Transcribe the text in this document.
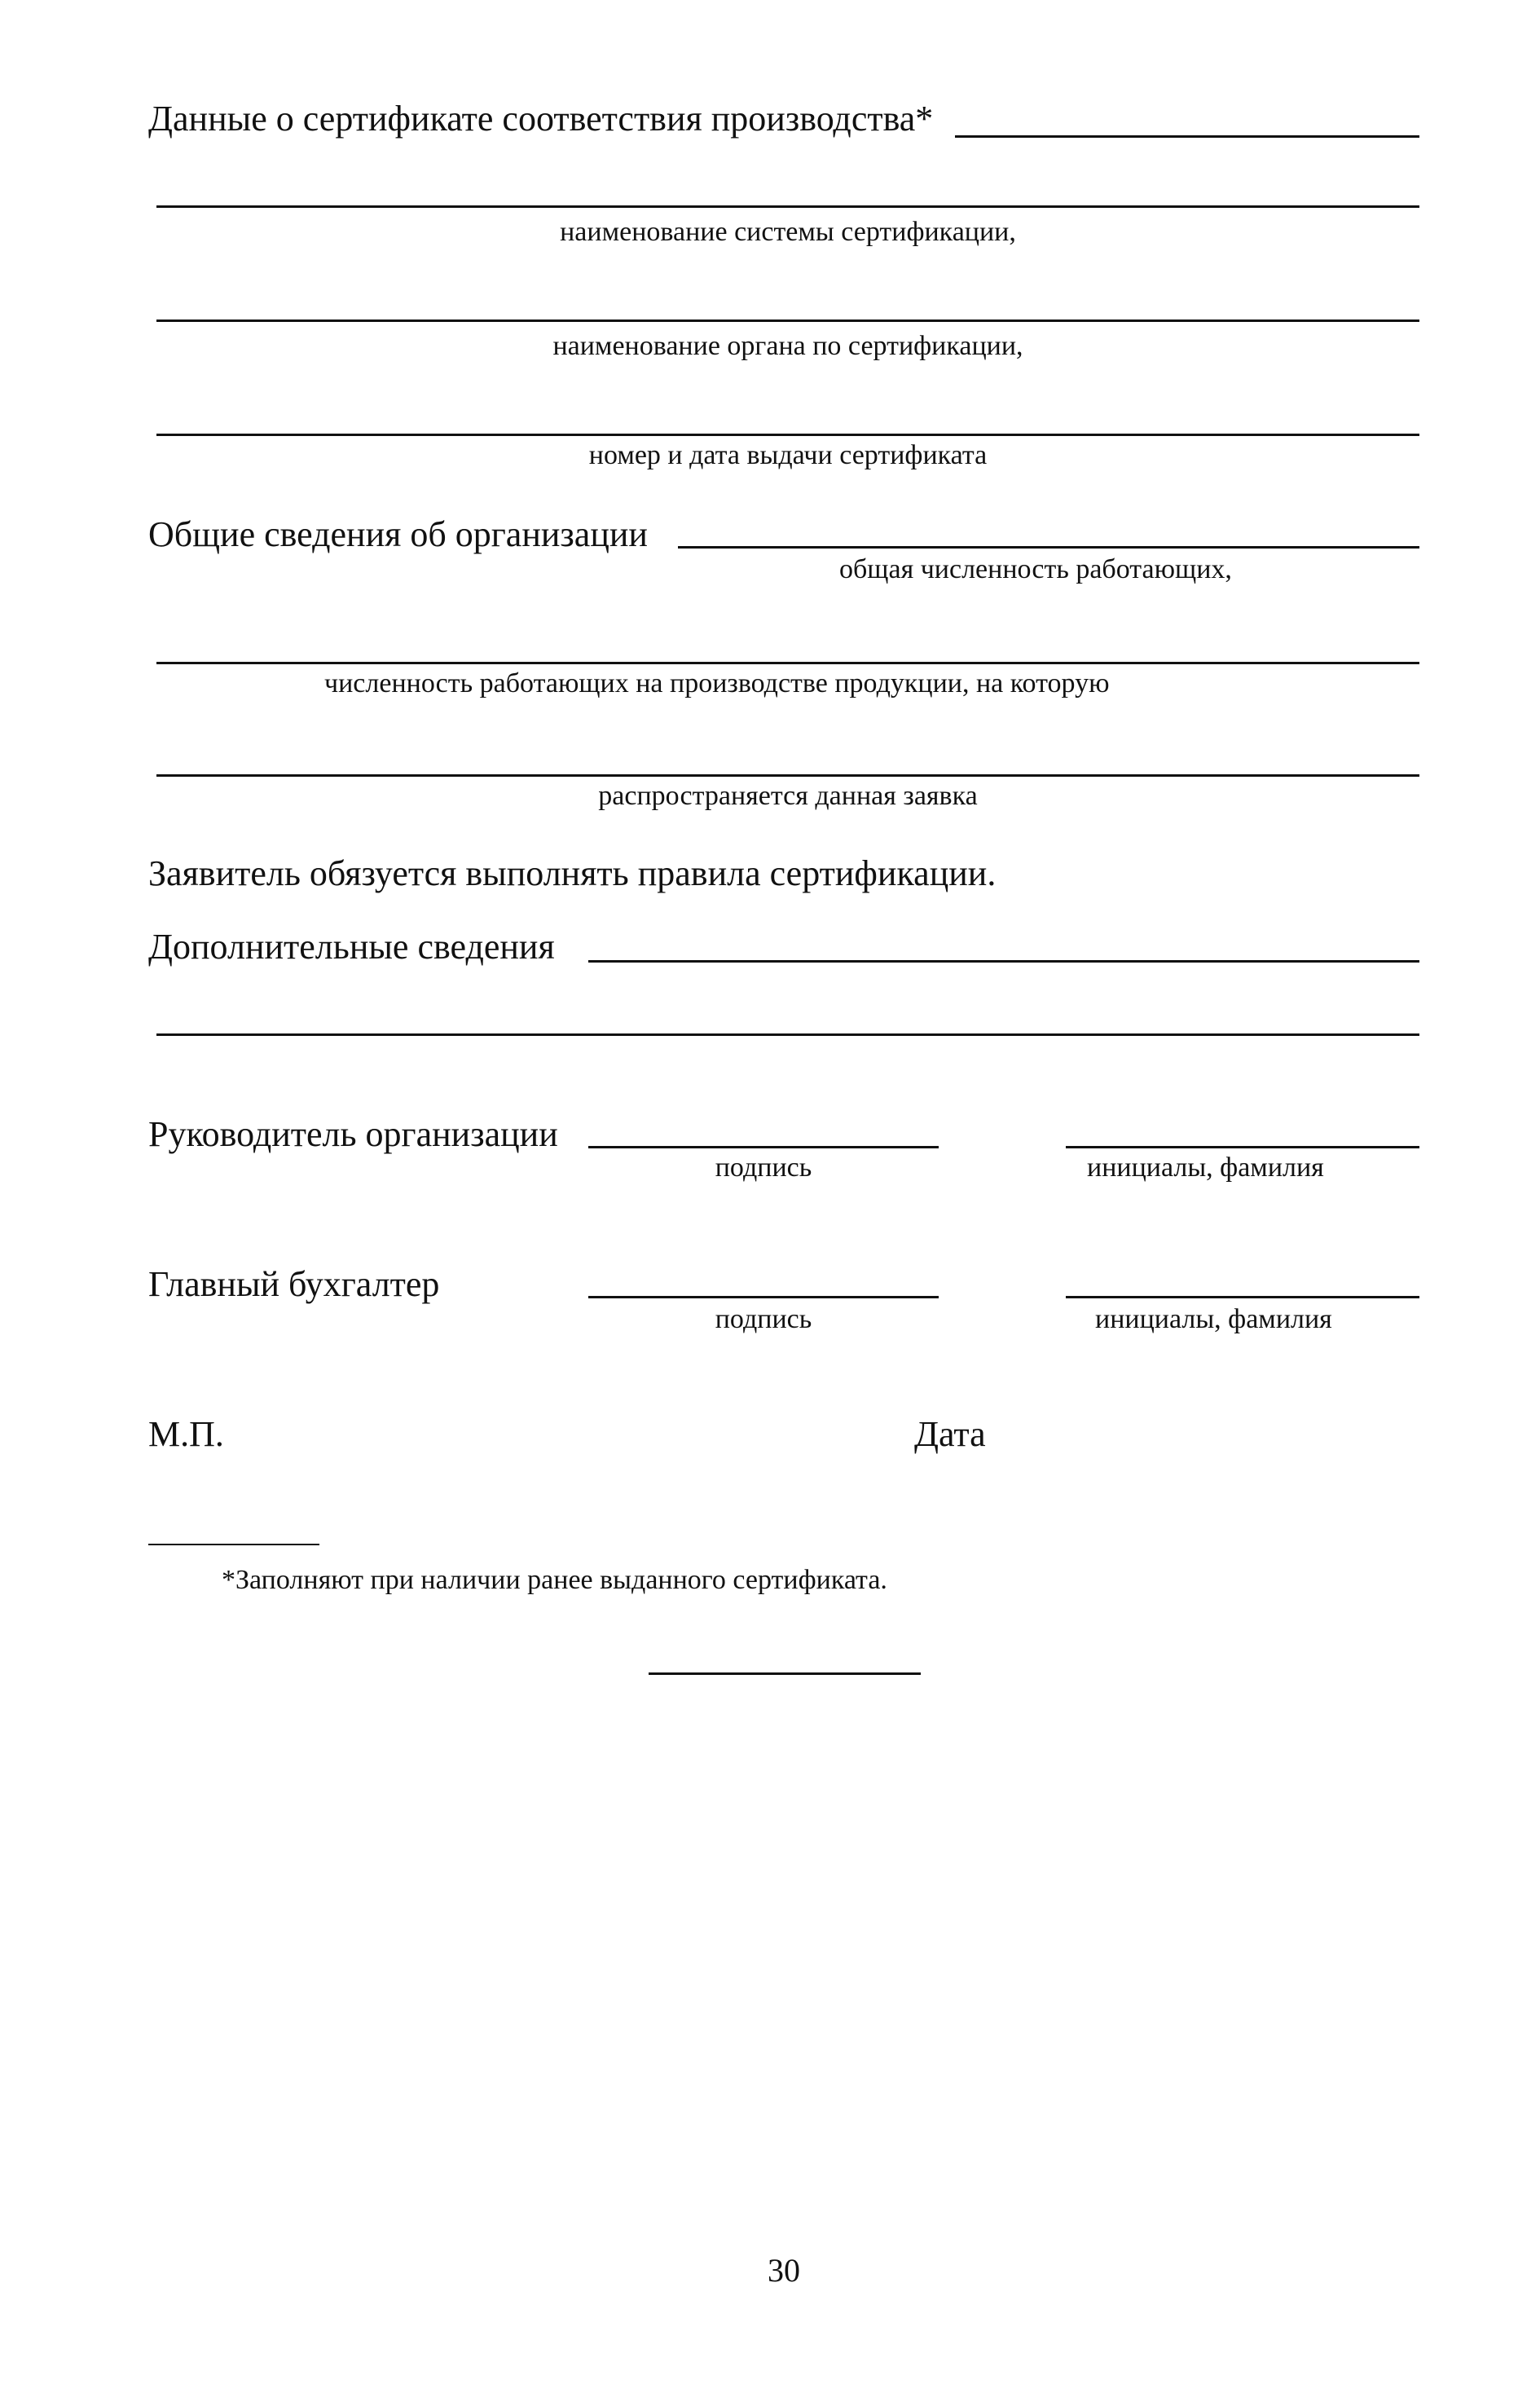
Данные о сертификате соответствия производства*
наименование системы сертификации,
наименование органа по сертификации,
номер и дата выдачи сертификата
Общие сведения об организации
общая численность работающих,
численность работающих на производстве продукции, на которую
распространяется данная заявка
Заявитель обязуется выполнять правила сертификации.
Дополнительные сведения
Руководитель организации
подпись	инициалы, фамилия
Главный бухгалтер
подпись	инициалы, фамилия
М.П.	Дата
*Заполняют при наличии ранее выданного сертификата.
30
